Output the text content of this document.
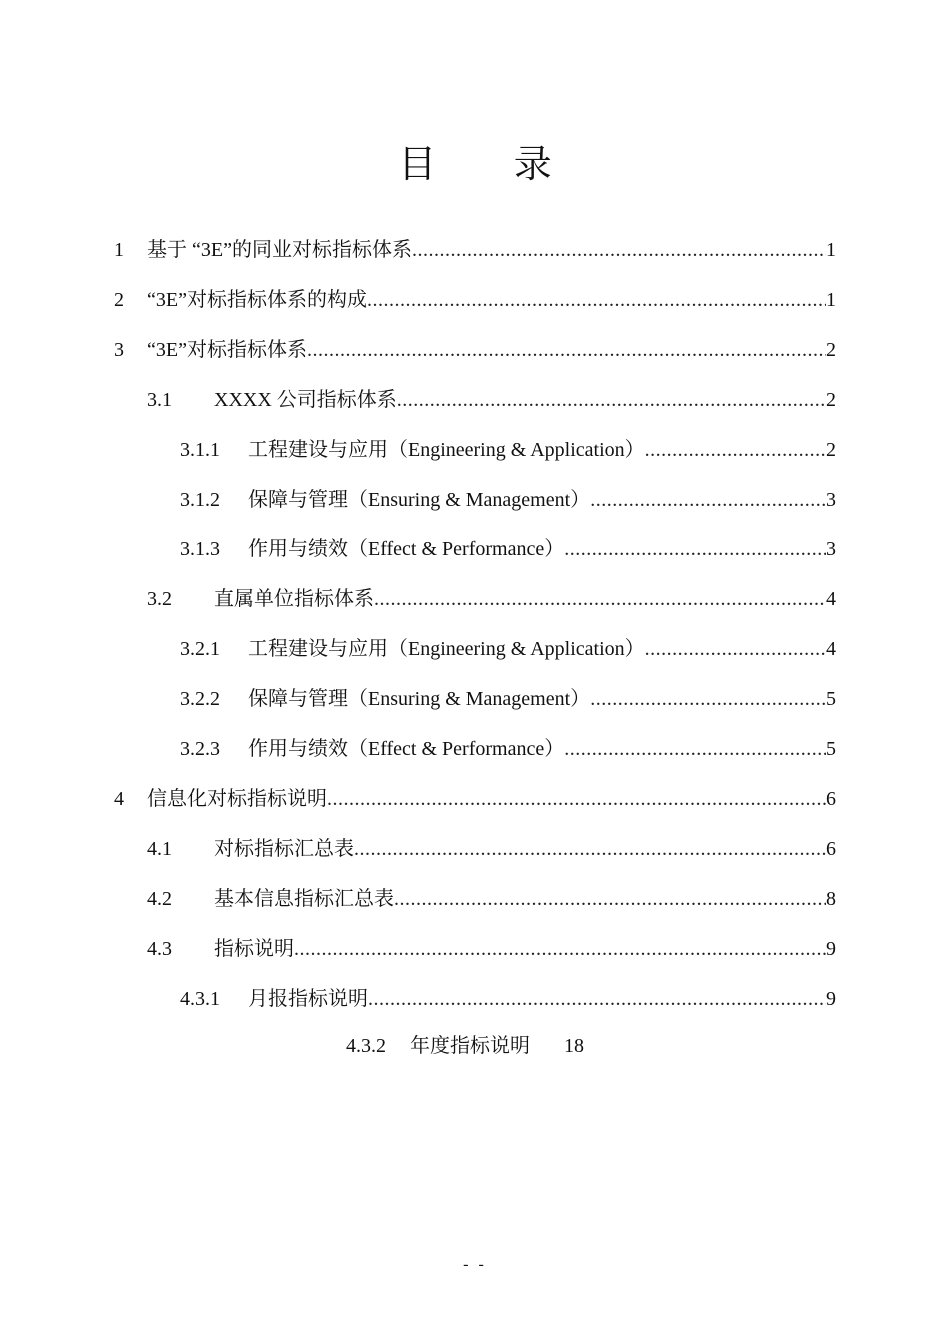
目 录
1 基于 “3E”的同业对标指标体系 .....	1
2 “3E”对标指标体系的构成 .....	1
3 “3E”对标指标体系 .....	2
3.1 XXXX 公司指标体系 .....	2
3.1.1 工程建设与应用（Engineering & Application） .....	2
3.1.2 保障与管理（Ensuring & Management） .....	3
3.1.3 作用与绩效（Effect & Performance） .....	3
3.2 直属单位指标体系 .....	4
3.2.1 工程建设与应用（Engineering & Application） .....	4
3.2.2 保障与管理（Ensuring & Management） .....	5
3.2.3 作用与绩效（Effect & Performance） .....	5
4 信息化对标指标说明 .....	6
4.1 对标指标汇总表 .....	6
4.2 基本信息指标汇总表 .....	8
4.3 指标说明 .....	9
4.3.1 月报指标说明 .....	9
4.3.2 年度指标说明 18
- -
